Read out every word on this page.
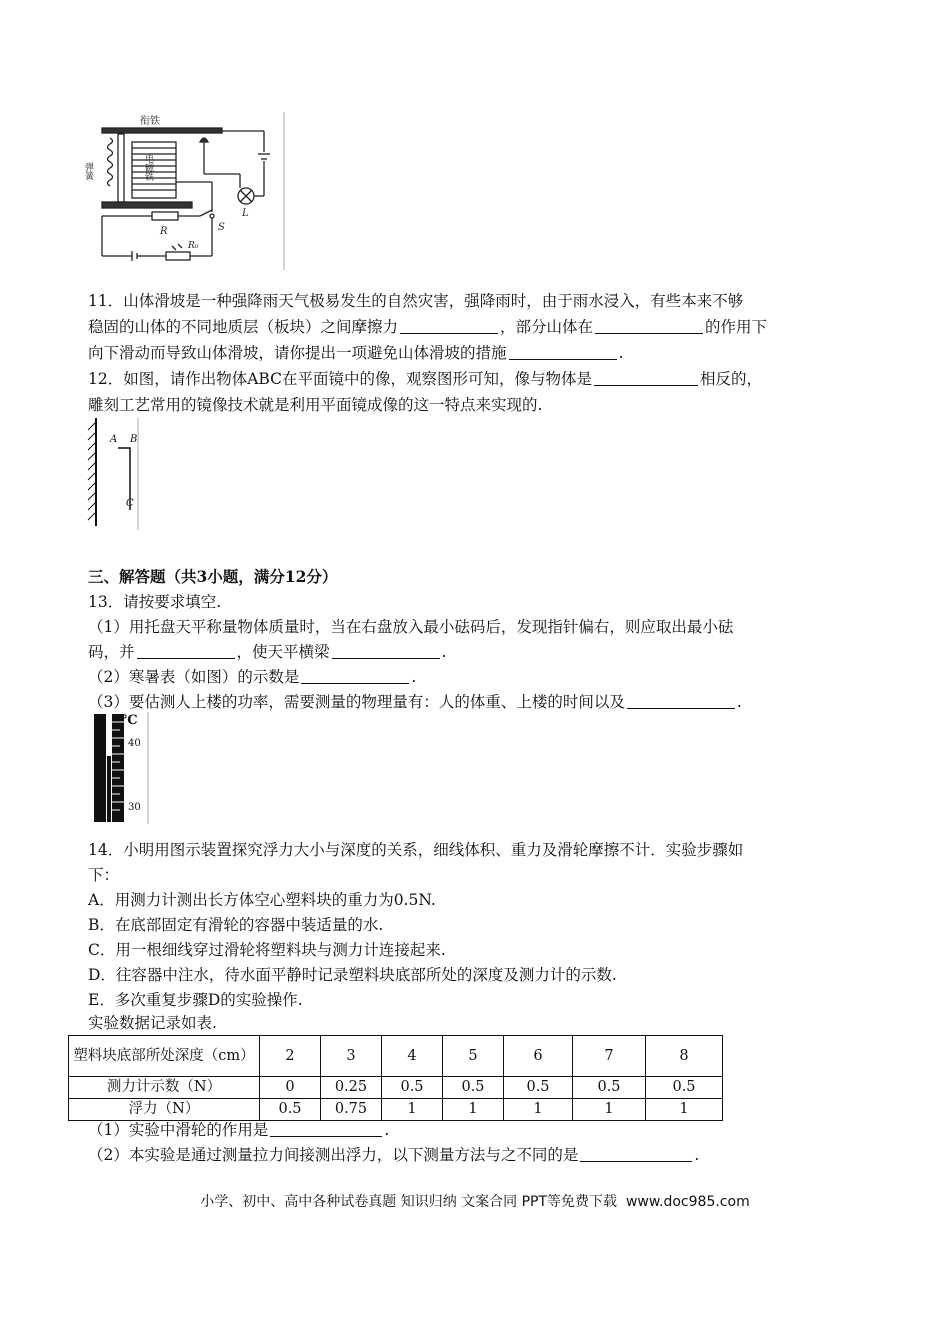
衔铁
弹簧	电磁铁
L
S
R
R₀

11．山体滑坡是一种强降雨天气极易发生的自然灾害，强降雨时，由于雨水浸入，有些本来不够

稳固的山体的不同地质层（板块）之间摩擦力	，部分山体在	的作用下

向下滑动而导致山体滑坡，请你提出一项避免山体滑坡的措施	.

12．如图，请作出物体ABC在平面镜中的像，观察图形可知，像与物体是	相反的，

雕刻工艺常用的镜像技术就是利用平面镜成像的这一特点来实现的.

A B
C

三、解答题（共3小题，满分12分）

13．请按要求填空.

（1）用托盘天平称量物体质量时，当在右盘放入最小砝码后，发现指针偏右，则应取出最小砝

码，并	，使天平横梁	.

（2）寒暑表（如图）的示数是	.

（3）要估测人上楼的功率，需要测量的物理量有：人的体重、上楼的时间以及	.

℃
40
30

14．小明用图示装置探究浮力大小与深度的关系，细线体积、重力及滑轮摩擦不计．实验步骤如

下：

A．用测力计测出长方体空心塑料块的重力为0.5N.

B．在底部固定有滑轮的容器中装适量的水.

C．用一根细线穿过滑轮将塑料块与测力计连接起来.

D．往容器中注水，待水面平静时记录塑料块底部所处的深度及测力计的示数.

E．多次重复步骤D的实验操作.

实验数据记录如表.

塑料块底部所处深度（cm）	2	3	4	5	6	7	8
测力计示数（N）	0	0.25	0.5	0.5	0.5	0.5	0.5
浮力（N）	0.5	0.75	1	1	1	1	1

（1）实验中滑轮的作用是	.

（2）本实验是通过测量拉力间接测出浮力，以下测量方法与之不同的是	.

小学、初中、高中各种试卷真题 知识归纳 文案合同 PPT等免费下载 www.doc985.com
